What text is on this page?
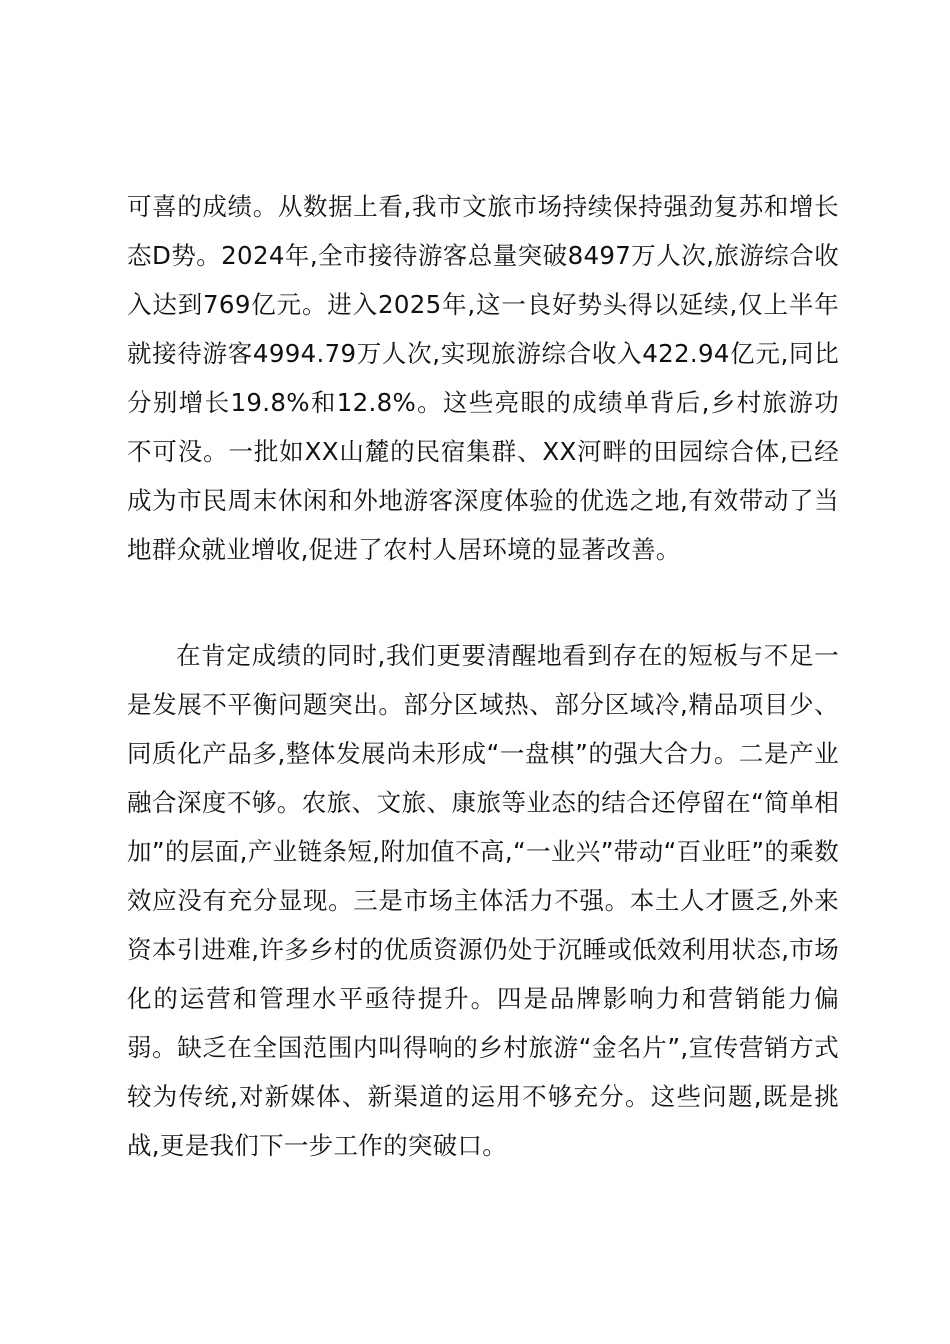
可喜的成绩。从数据上看,我市文旅市场持续保持强劲复苏和增长态D势。2024年,全市接待游客总量突破8497万人次,旅游综合收入达到769亿元。进入2025年,这一良好势头得以延续,仅上半年就接待游客4994.79万人次,实现旅游综合收入422.94亿元,同比分别增长19.8%和12.8%。这些亮眼的成绩单背后,乡村旅游功不可没。一批如XX山麓的民宿集群、XX河畔的田园综合体,已经成为市民周末休闲和外地游客深度体验的优选之地,有效带动了当地群众就业增收,促进了农村人居环境的显著改善。

在肯定成绩的同时,我们更要清醒地看到存在的短板与不足一是发展不平衡问题突出。部分区域热、部分区域冷,精品项目少、同质化产品多,整体发展尚未形成“一盘棋”的强大合力。二是产业融合深度不够。农旅、文旅、康旅等业态的结合还停留在“简单相加”的层面,产业链条短,附加值不高,“一业兴”带动“百业旺”的乘数效应没有充分显现。三是市场主体活力不强。本土人才匮乏,外来资本引进难,许多乡村的优质资源仍处于沉睡或低效利用状态,市场化的运营和管理水平亟待提升。四是品牌影响力和营销能力偏弱。缺乏在全国范围内叫得响的乡村旅游“金名片”,宣传营销方式较为传统,对新媒体、新渠道的运用不够充分。这些问题,既是挑战,更是我们下一步工作的突破口。
